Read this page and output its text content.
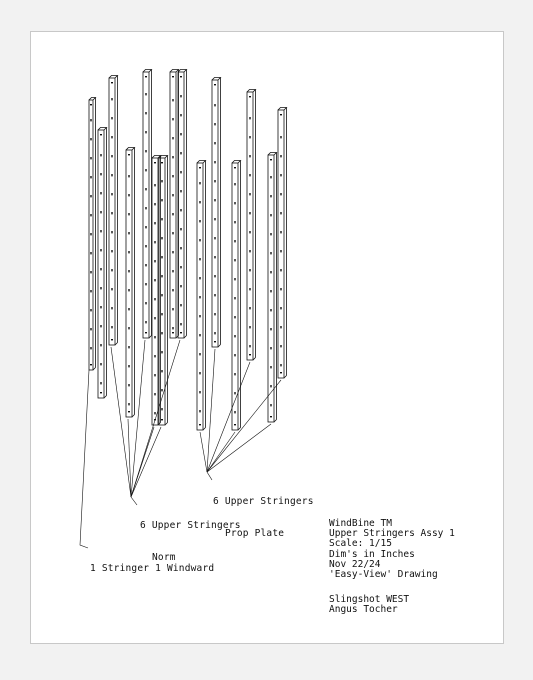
6 Upper Stringers

Prop Plate

6 Upper Stringers

Norm

1 Stringer 1 Windward

WindBine TM
Upper Stringers Assy 1
Scale: 1/15
Dim's in Inches
Nov 22/24
'Easy-View' Drawing
Slingshot WEST
Angus Tocher
